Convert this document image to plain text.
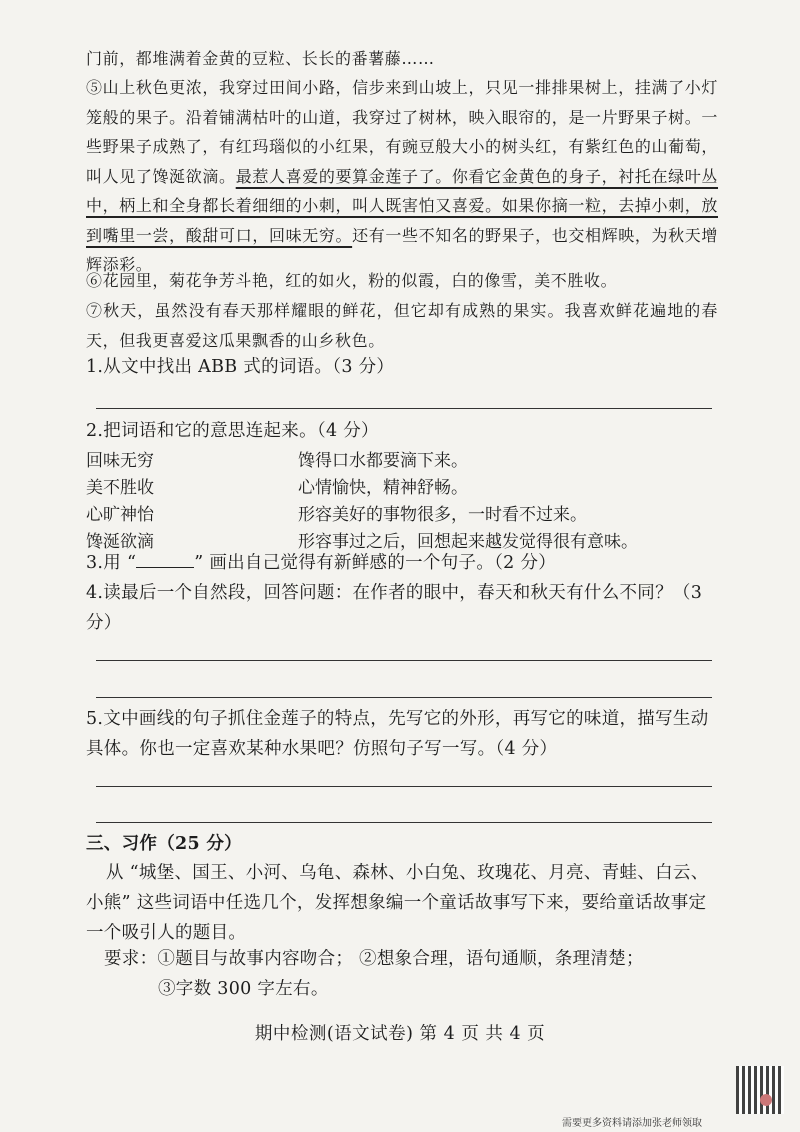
门前，都堆满着金黄的豆粒、长长的番薯藤……
⑤山上秋色更浓，我穿过田间小路，信步来到山坡上，只见一排排果树上，挂满了小灯笼般的果子。沿着铺满枯叶的山道，我穿过了树林，映入眼帘的，是一片野果子树。一些野果子成熟了，有红玛瑙似的小红果，有豌豆般大小的树头红，有紫红色的山葡萄，叫人见了馋涎欲滴。最惹人喜爱的要算金莲子了。你看它金黄色的身子，衬托在绿叶丛中，柄上和全身都长着细细的小刺，叫人既害怕又喜爱。如果你摘一粒，去掉小刺，放到嘴里一尝，酸甜可口，回味无穷。还有一些不知名的野果子，也交相辉映，为秋天增辉添彩。
⑥花园里，菊花争芳斗艳，红的如火，粉的似霞，白的像雪，美不胜收。
⑦秋天，虽然没有春天那样耀眼的鲜花，但它却有成熟的果实。我喜欢鲜花遍地的春天，但我更喜爱这瓜果飘香的山乡秋色。
1.从文中找出 ABB 式的词语。（3 分）
2.把词语和它的意思连起来。（4 分）
回味无穷	馋得口水都要滴下来。
美不胜收	心情愉快，精神舒畅。
心旷神怡	形容美好的事物很多，一时看不过来。
馋涎欲滴	形容事过之后，回想起来越发觉得很有意味。
3.用 “	” 画出自己觉得有新鲜感的一个句子。（2 分）
4.读最后一个自然段，回答问题：在作者的眼中，春天和秋天有什么不同？（3 分）
5.文中画线的句子抓住金莲子的特点，先写它的外形，再写它的味道，描写生动具体。你也一定喜欢某种水果吧？仿照句子写一写。（4 分）
三、习作（25 分）
从 “城堡、国王、小河、乌龟、森林、小白兔、玫瑰花、月亮、青蛙、白云、小熊” 这些词语中任选几个，发挥想象编一个童话故事写下来，要给童话故事定一个吸引人的题目。
要求：①题目与故事内容吻合； ②想象合理，语句通顺，条理清楚；
③字数 300 字左右。
期中检测(语文试卷) 第 4 页 共 4 页
需要更多资料请添加张老师领取
